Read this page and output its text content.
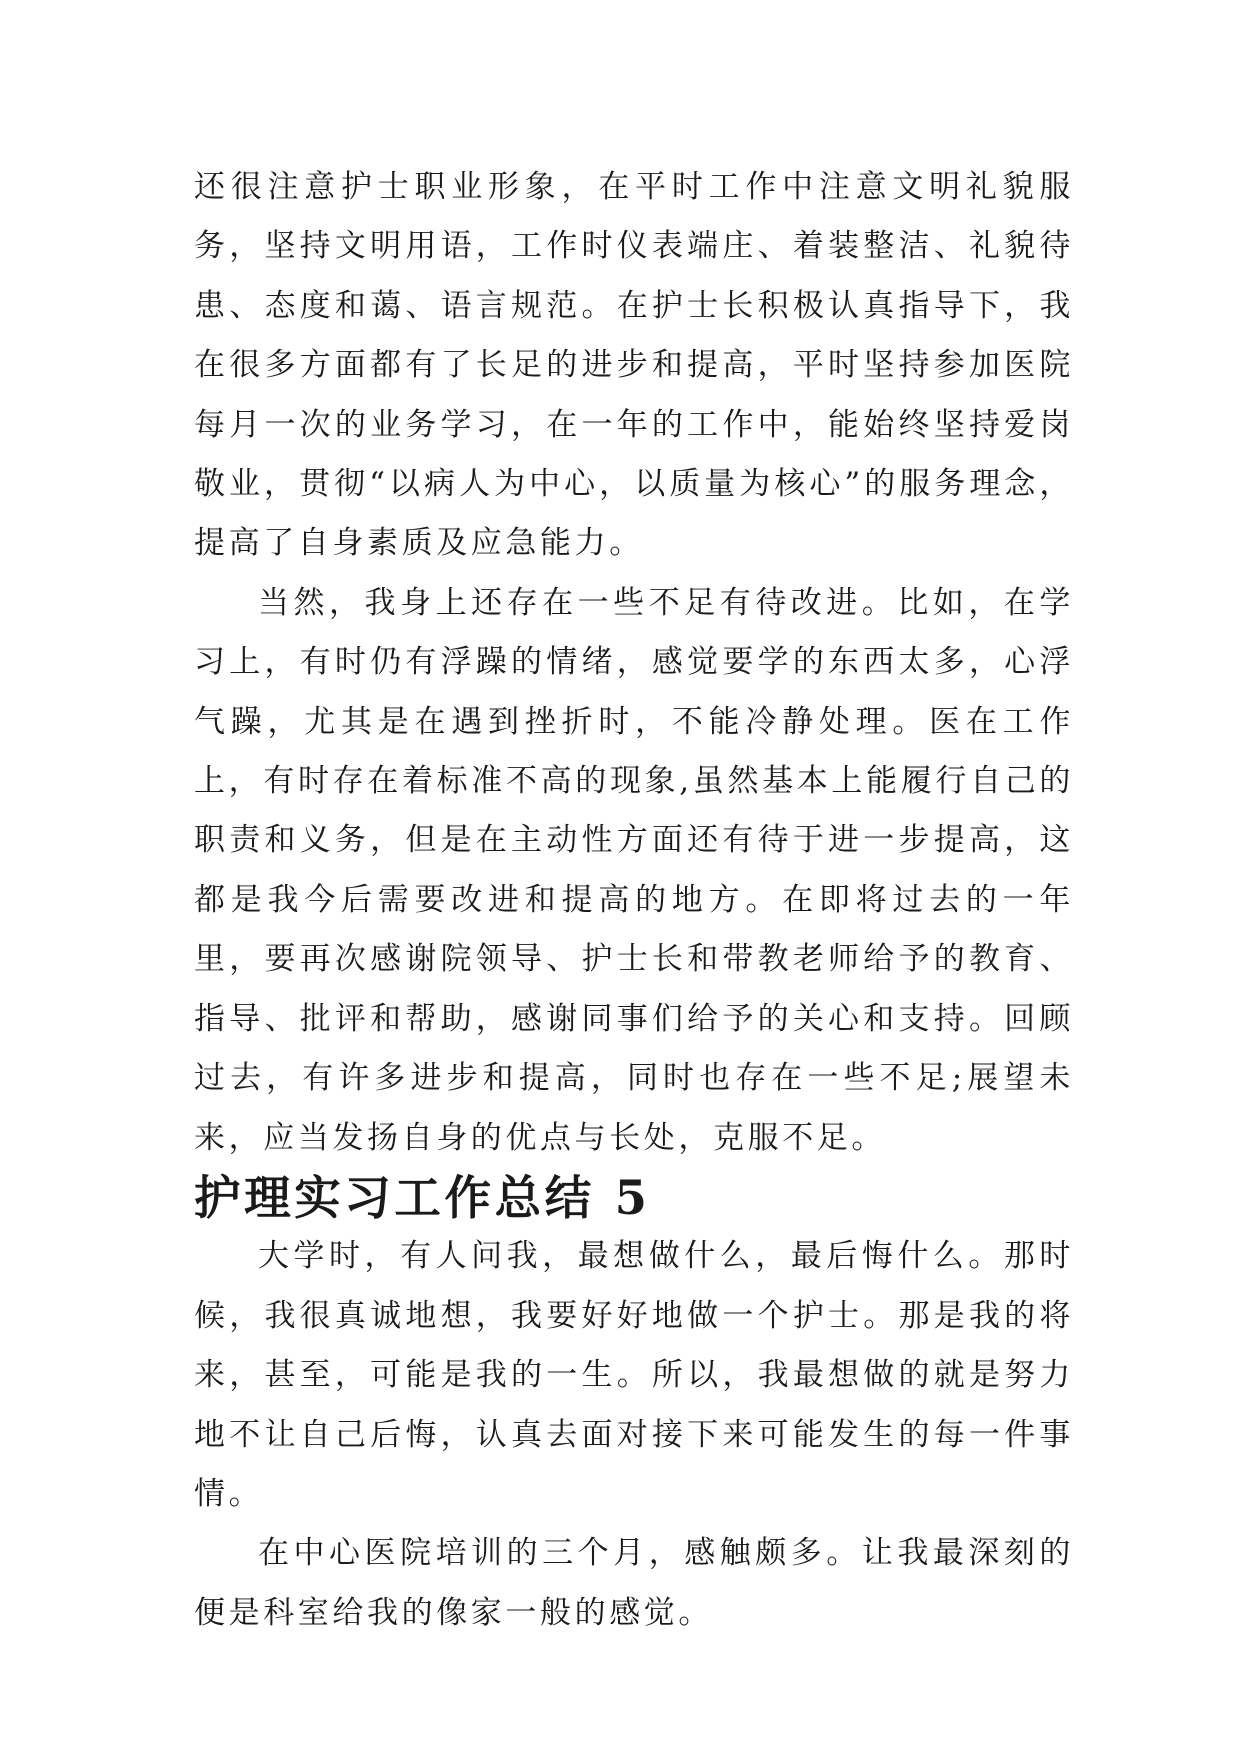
还很注意护士职业形象，在平时工作中注意文明礼貌服务，坚持文明用语，工作时仪表端庄、着装整洁、礼貌待患、态度和蔼、语言规范。在护士长积极认真指导下，我在很多方面都有了长足的进步和提高，平时坚持参加医院每月一次的业务学习，在一年的工作中，能始终坚持爱岗敬业，贯彻“以病人为中心，以质量为核心”的服务理念，提高了自身素质及应急能力。

当然，我身上还存在一些不足有待改进。比如，在学习上，有时仍有浮躁的情绪，感觉要学的东西太多，心浮气躁，尤其是在遇到挫折时，不能冷静处理。医在工作上，有时存在着标准不高的现象,虽然基本上能履行自己的职责和义务，但是在主动性方面还有待于进一步提高，这都是我今后需要改进和提高的地方。在即将过去的一年里，要再次感谢院领导、护士长和带教老师给予的教育、指导、批评和帮助，感谢同事们给予的关心和支持。回顾过去，有许多进步和提高，同时也存在一些不足;展望未来，应当发扬自身的优点与长处，克服不足。

护理实习工作总结 5

大学时，有人问我，最想做什么，最后悔什么。那时候，我很真诚地想，我要好好地做一个护士。那是我的将来，甚至，可能是我的一生。所以，我最想做的就是努力地不让自己后悔，认真去面对接下来可能发生的每一件事情。

在中心医院培训的三个月，感触颇多。让我最深刻的便是科室给我的像家一般的感觉。
